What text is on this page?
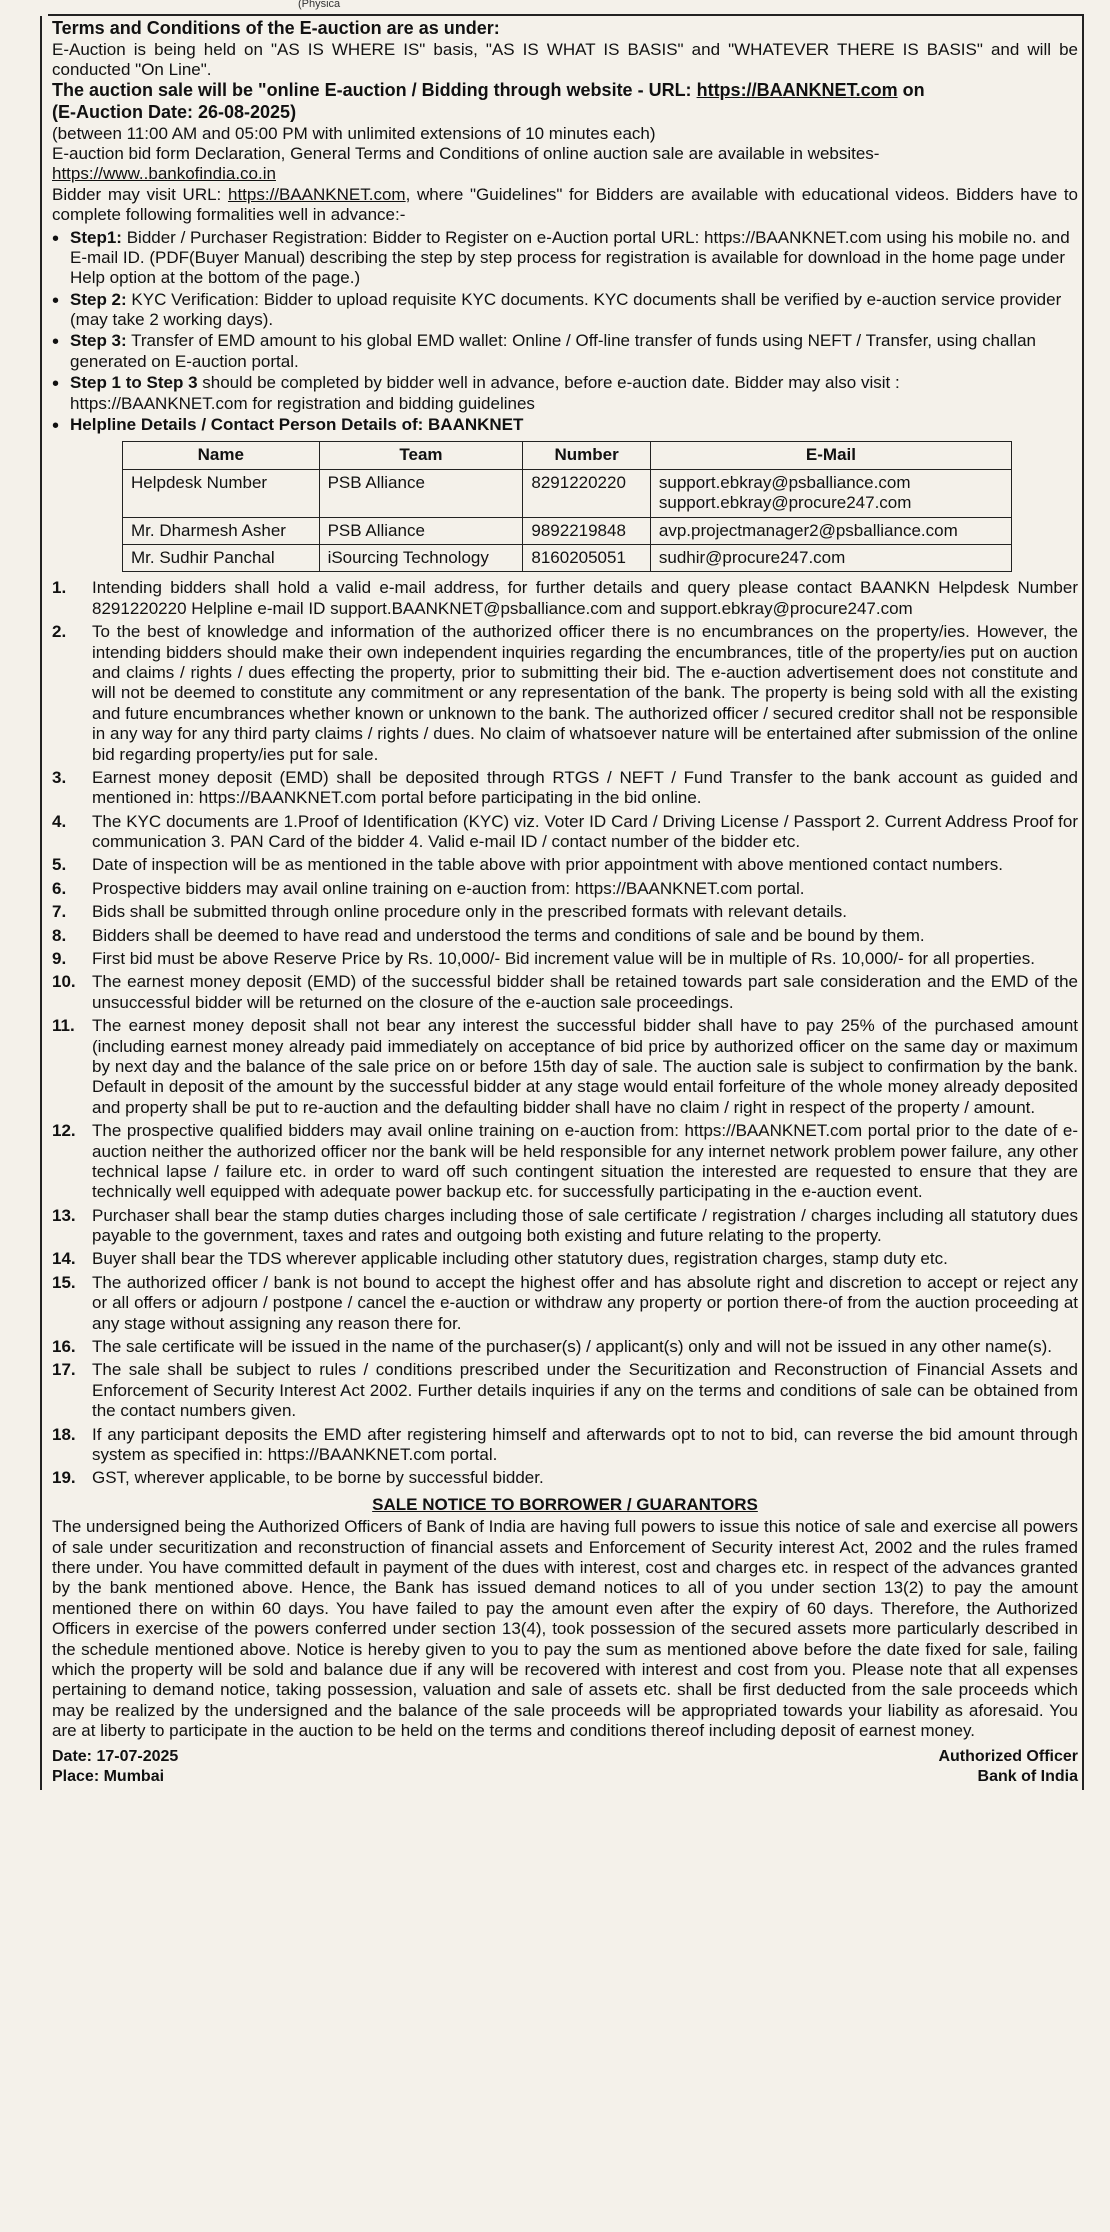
(Physica

Terms and Conditions of the E-auction are as under:

E-Auction is being held on "AS IS WHERE IS" basis, "AS IS WHAT IS BASIS" and "WHATEVER THERE IS BASIS" and will be conducted "On Line".

The auction sale will be "online E-auction / Bidding through website - URL: https://BAANKNET.com on

(E-Auction Date: 26-08-2025)

(between 11:00 AM and 05:00 PM with unlimited extensions of 10 minutes each)

E-auction bid form Declaration, General Terms and Conditions of online auction sale are available in websites-

https://www..bankofindia.co.in

Bidder may visit URL: https://BAANKNET.com, where "Guidelines" for Bidders are available with educational videos. Bidders have to complete following formalities well in advance:-

• Step1: Bidder / Purchaser Registration: Bidder to Register on e-Auction portal URL: https://BAANKNET.com using his mobile no. and E-mail ID. (PDF(Buyer Manual) describing the step by step process for registration is available for download in the home page under Help option at the bottom of the page.)
• Step 2: KYC Verification: Bidder to upload requisite KYC documents. KYC documents shall be verified by e-auction service provider (may take 2 working days).
• Step 3: Transfer of EMD amount to his global EMD wallet: Online / Off-line transfer of funds using NEFT / Transfer, using challan generated on E-auction portal.
• Step 1 to Step 3 should be completed by bidder well in advance, before e-auction date. Bidder may also visit : https://BAANKNET.com for registration and bidding guidelines
• Helpline Details / Contact Person Details of: BAANKNET
Name	Team	Number	E-Mail
Helpdesk Number	PSB Alliance	8291220220	support.ebkray@psballiance.com
support.ebkray@procure247.com

Mr. Dharmesh Asher	PSB Alliance	9892219848	avp.projectmanager2@psballiance.com

Mr. Sudhir Panchal	iSourcing Technology	8160205051	sudhir@procure247.com
1. Intending bidders shall hold a valid e-mail address, for further details and query please contact BAANKN Helpdesk Number 8291220220 Helpline e-mail ID support.BAANKNET@psballiance.com and support.ebkray@procure247.com
2. To the best of knowledge and information of the authorized officer there is no encumbrances on the property/ies. However, the intending bidders should make their own independent inquiries regarding the encumbrances, title of the property/ies put on auction and claims / rights / dues effecting the property, prior to submitting their bid. The e-auction advertisement does not constitute and will not be deemed to constitute any commitment or any representation of the bank. The property is being sold with all the existing and future encumbrances whether known or unknown to the bank. The authorized officer / secured creditor shall not be responsible in any way for any third party claims / rights / dues. No claim of whatsoever nature will be entertained after submission of the online bid regarding property/ies put for sale.
3. Earnest money deposit (EMD) shall be deposited through RTGS / NEFT / Fund Transfer to the bank account as guided and mentioned in: https://BAANKNET.com portal before participating in the bid online.
4. The KYC documents are 1.Proof of Identification (KYC) viz. Voter ID Card / Driving License / Passport 2. Current Address Proof for communication 3. PAN Card of the bidder 4. Valid e-mail ID / contact number of the bidder etc.
5. Date of inspection will be as mentioned in the table above with prior appointment with above mentioned contact numbers.
6. Prospective bidders may avail online training on e-auction from: https://BAANKNET.com portal.
7. Bids shall be submitted through online procedure only in the prescribed formats with relevant details.
8. Bidders shall be deemed to have read and understood the terms and conditions of sale and be bound by them.
9. First bid must be above Reserve Price by Rs. 10,000/- Bid increment value will be in multiple of Rs. 10,000/- for all properties.
10. The earnest money deposit (EMD) of the successful bidder shall be retained towards part sale consideration and the EMD of the unsuccessful bidder will be returned on the closure of the e-auction sale proceedings.
11. The earnest money deposit shall not bear any interest the successful bidder shall have to pay 25% of the purchased amount (including earnest money already paid immediately on acceptance of bid price by authorized officer on the same day or maximum by next day and the balance of the sale price on or before 15th day of sale. The auction sale is subject to confirmation by the bank. Default in deposit of the amount by the successful bidder at any stage would entail forfeiture of the whole money already deposited and property shall be put to re-auction and the defaulting bidder shall have no claim / right in respect of the property / amount.
12. The prospective qualified bidders may avail online training on e-auction from: https://BAANKNET.com portal prior to the date of e-auction neither the authorized officer nor the bank will be held responsible for any internet network problem power failure, any other technical lapse / failure etc. in order to ward off such contingent situation the interested are requested to ensure that they are technically well equipped with adequate power backup etc. for successfully participating in the e-auction event.
13. Purchaser shall bear the stamp duties charges including those of sale certificate / registration / charges including all statutory dues payable to the government, taxes and rates and outgoing both existing and future relating to the property.
14. Buyer shall bear the TDS wherever applicable including other statutory dues, registration charges, stamp duty etc.
15. The authorized officer / bank is not bound to accept the highest offer and has absolute right and discretion to accept or reject any or all offers or adjourn / postpone / cancel the e-auction or withdraw any property or portion there-of from the auction proceeding at any stage without assigning any reason there for.
16. The sale certificate will be issued in the name of the purchaser(s) / applicant(s) only and will not be issued in any other name(s).
17. The sale shall be subject to rules / conditions prescribed under the Securitization and Reconstruction of Financial Assets and Enforcement of Security Interest Act 2002. Further details inquiries if any on the terms and conditions of sale can be obtained from the contact numbers given.
18. If any participant deposits the EMD after registering himself and afterwards opt to not to bid, can reverse the bid amount through system as specified in: https://BAANKNET.com portal.
19. GST, wherever applicable, to be borne by successful bidder.

SALE NOTICE TO BORROWER / GUARANTORS

The undersigned being the Authorized Officers of Bank of India are having full powers to issue this notice of sale and exercise all powers of sale under securitization and reconstruction of financial assets and Enforcement of Security interest Act, 2002 and the rules framed there under. You have committed default in payment of the dues with interest, cost and charges etc. in respect of the advances granted by the bank mentioned above. Hence, the Bank has issued demand notices to all of you under section 13(2) to pay the amount mentioned there on within 60 days. You have failed to pay the amount even after the expiry of 60 days. Therefore, the Authorized Officers in exercise of the powers conferred under section 13(4), took possession of the secured assets more particularly described in the schedule mentioned above. Notice is hereby given to you to pay the sum as mentioned above before the date fixed for sale, failing which the property will be sold and balance due if any will be recovered with interest and cost from you. Please note that all expenses pertaining to demand notice, taking possession, valuation and sale of assets etc. shall be first deducted from the sale proceeds which may be realized by the undersigned and the balance of the sale proceeds will be appropriated towards your liability as aforesaid. You are at liberty to participate in the auction to be held on the terms and conditions thereof including deposit of earnest money.

Date: 17-07-2025
Place: Mumbai
Authorized Officer
Bank of India
